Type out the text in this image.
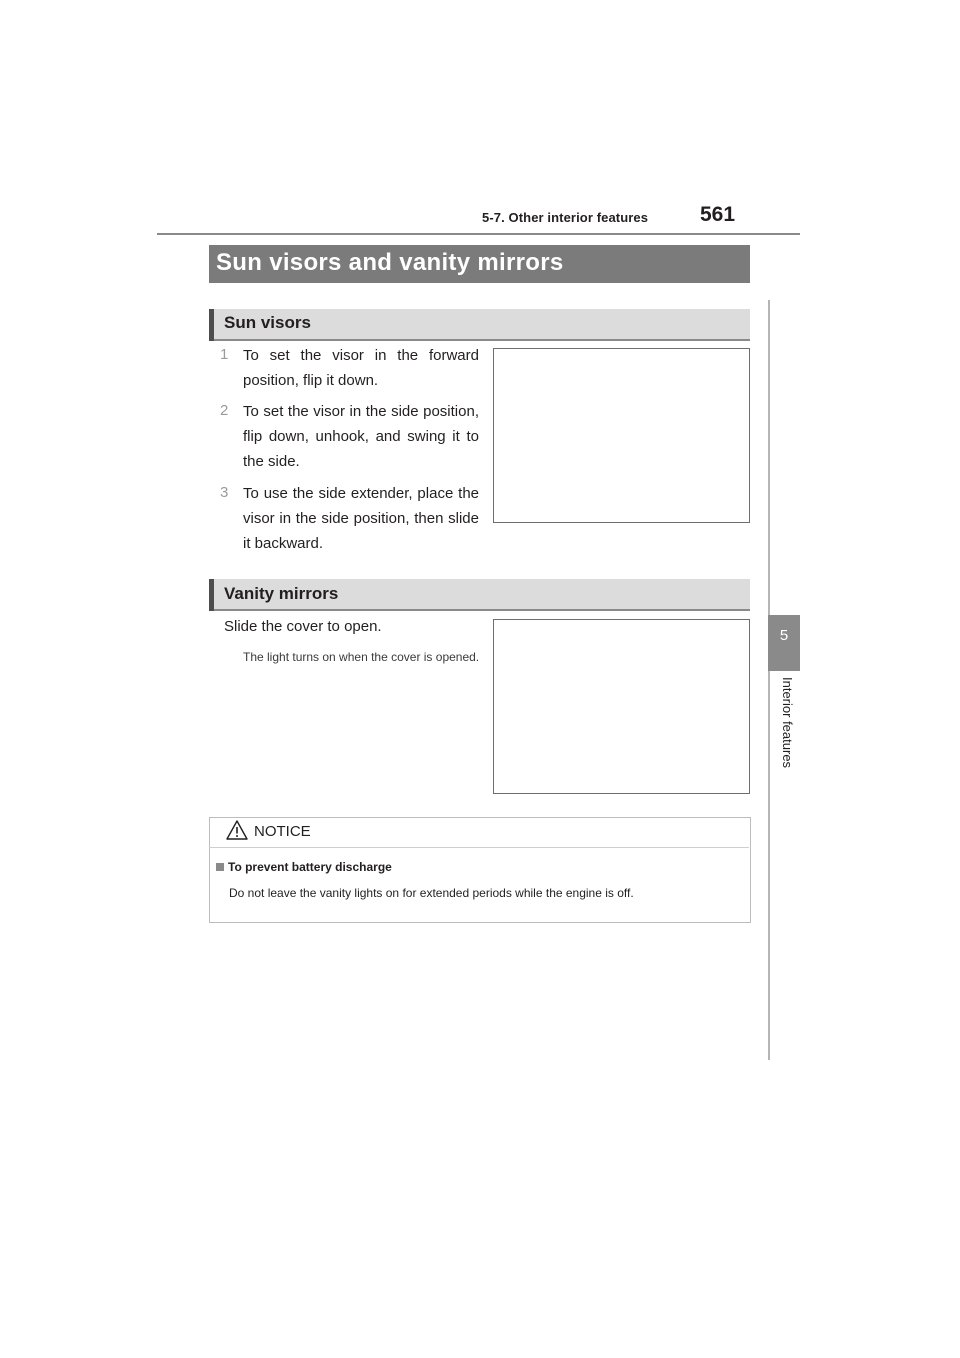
5-7. Other interior features 561
5
Interior features
Sun visors and vanity mirrors
Sun visors
1 To set the visor in the forward position, flip it down.
2 To set the visor in the side position, flip down, unhook, and swing it to the side.
3 To use the side extender, place the visor in the side position, then slide it backward.
Vanity mirrors
Slide the cover to open.
The light turns on when the cover is opened.
NOTICE
To prevent battery discharge
Do not leave the vanity lights on for extended periods while the engine is off.
